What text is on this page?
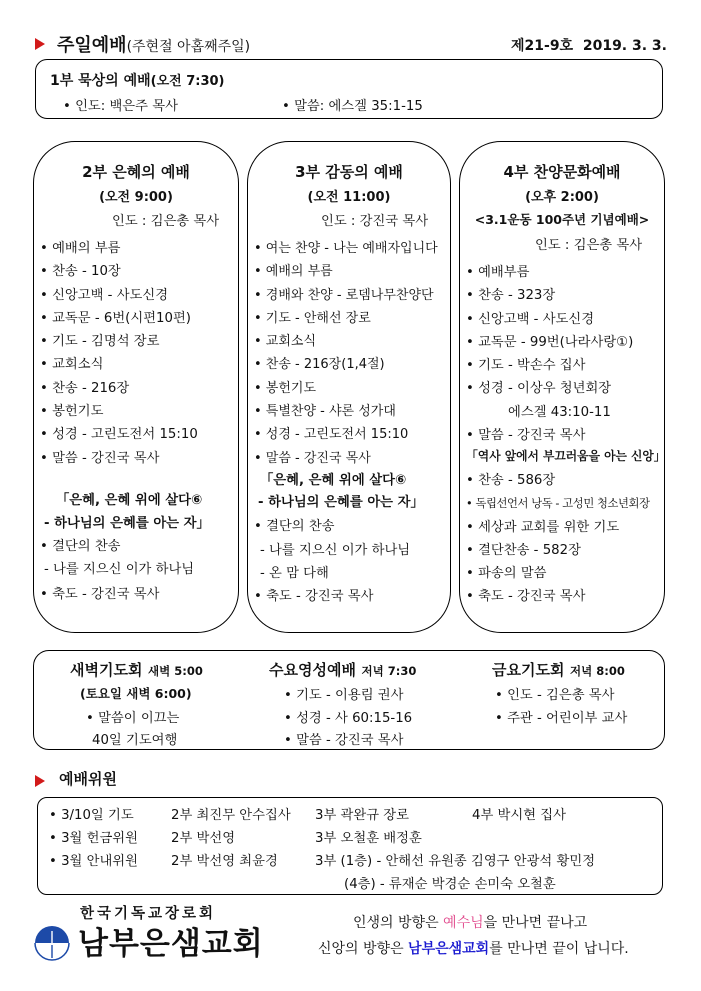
주일예배(주현절 아홉째주일)	제21-9호 2019. 3. 3.
1부 묵상의 예배(오전 7:30)
• 인도: 백은주 목사	• 말씀: 에스겔 35:1-15
2부 은혜의 예배
(오전 9:00)
인도 : 김은총 목사
• 예배의 부름
• 찬송 - 10장
• 신앙고백 - 사도신경
• 교독문 - 6번(시편10편)
• 기도 - 김명석 장로
• 교회소식
• 찬송 - 216장
• 봉헌기도
• 성경 - 고린도전서 15:10
• 말씀 - 강진국 목사
「은혜, 은혜 위에 살다⑥
- 하나님의 은혜를 아는 자」
• 결단의 찬송
- 나를 지으신 이가 하나님
• 축도 - 강진국 목사
3부 감동의 예배
(오전 11:00)
인도 : 강진국 목사
• 여는 찬양 - 나는 예배자입니다
• 예배의 부름
• 경배와 찬양 - 로뎀나무찬양단
• 기도 - 안해선 장로
• 교회소식
• 찬송 - 216장(1,4절)
• 봉헌기도
• 특별찬양 - 샤론 성가대
• 성경 - 고린도전서 15:10
• 말씀 - 강진국 목사
「은혜, 은혜 위에 살다⑥
- 하나님의 은혜를 아는 자」
• 결단의 찬송
- 나를 지으신 이가 하나님
- 온 맘 다해
• 축도 - 강진국 목사
4부 찬양문화예배
(오후 2:00)
<3.1운동 100주년 기념예배>
인도 : 김은총 목사
• 예배부름
• 찬송 - 323장
• 신앙고백 - 사도신경
• 교독문 - 99번(나라사랑①)
• 기도 - 박손수 집사
• 성경 - 이상우 청년회장
에스겔 43:10-11
• 말씀 - 강진국 목사
「역사 앞에서 부끄러움을 아는 신앙」
• 찬송 - 586장
• 독립선언서 낭독 - 고성민 청소년회장
• 세상과 교회를 위한 기도
• 결단찬송 - 582장
• 파송의 말씀
• 축도 - 강진국 목사
새벽기도회 새벽 5:00
(토요일 새벽 6:00)
• 말씀이 이끄는
40일 기도여행
수요영성예배 저녁 7:30
• 기도 - 이용림 권사
• 성경 - 사 60:15-16
• 말씀 - 강진국 목사
금요기도회 저녁 8:00
• 인도 - 김은총 목사
• 주관 - 어린이부 교사
예배위원
• 3/10일 기도	2부 최진무 안수집사 3부 곽완규 장로	4부 박시현 집사
• 3월 헌금위원 2부 박선영	3부 오철훈 배정훈
• 3월 안내위원 2부 박선영 최윤경	3부 (1층) - 안해선 유원종 김영구 안광석 황민정
(4층) - 류재순 박경순 손미숙 오철훈
한국기독교장로회
남부은샘교회
인생의 방향은 예수님을 만나면 끝나고
신앙의 방향은 남부은샘교회를 만나면 끝이 납니다.
